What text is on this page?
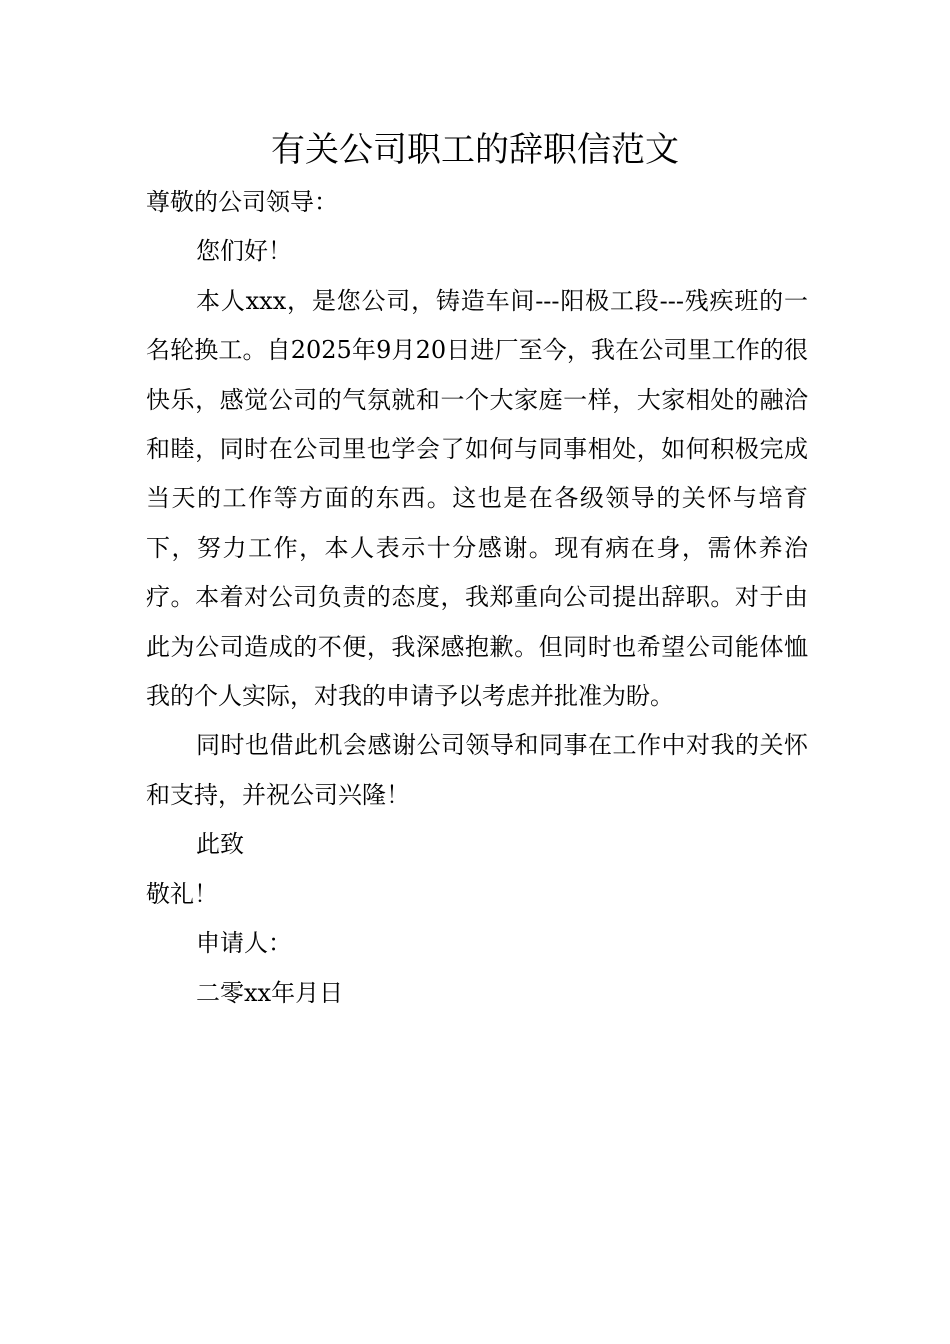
有关公司职工的辞职信范文

尊敬的公司领导：

您们好！

本人xxx，是您公司，铸造车间---阳极工段---残疾班的一名轮换工。自2025年9月20日进厂至今，我在公司里工作的很快乐，感觉公司的气氛就和一个大家庭一样，大家相处的融洽和睦，同时在公司里也学会了如何与同事相处，如何积极完成当天的工作等方面的东西。这也是在各级领导的关怀与培育下，努力工作，本人表示十分感谢。现有病在身，需休养治疗。本着对公司负责的态度，我郑重向公司提出辞职。对于由此为公司造成的不便，我深感抱歉。但同时也希望公司能体恤我的个人实际，对我的申请予以考虑并批准为盼。

同时也借此机会感谢公司领导和同事在工作中对我的关怀和支持，并祝公司兴隆！

此致

敬礼！

申请人：

二零xx年月日
